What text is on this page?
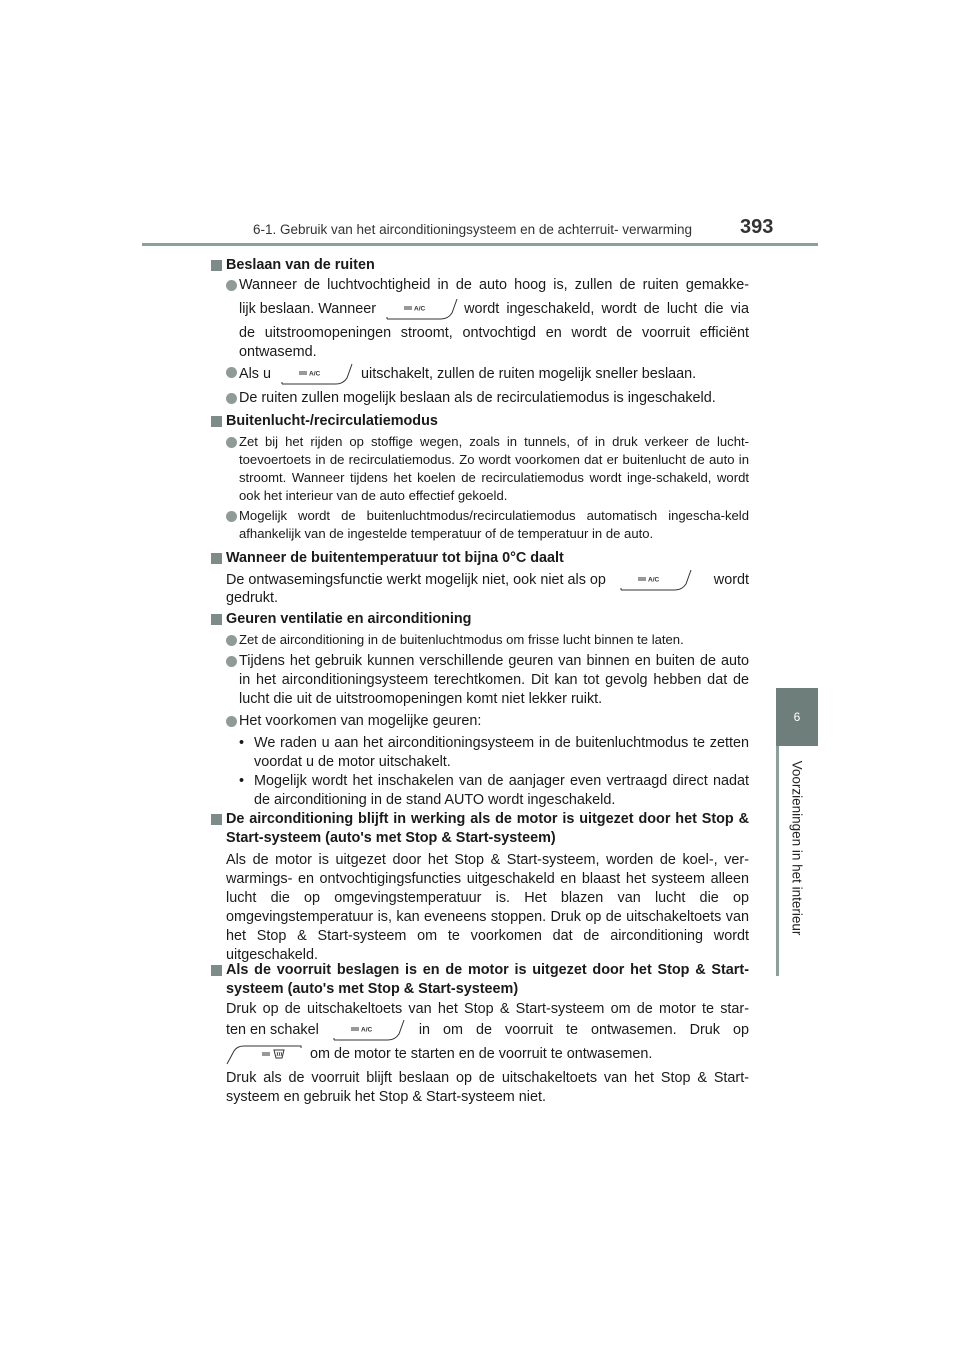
6-1. Gebruik van het airconditioningsysteem en de achterruit- verwarming 393
6
Voorzieningen in het interieur
Beslaan van de ruiten
Wanneer de luchtvochtigheid in de auto hoog is, zullen de ruiten gemakke-
lijk beslaan. Wanneer	wordt ingeschakeld, wordt de lucht die via
de uitstroomopeningen stroomt, ontvochtigd en wordt de voorruit efficiënt ontwasemd.
Als u	uitschakelt, zullen de ruiten mogelijk sneller beslaan.
De ruiten zullen mogelijk beslaan als de recirculatiemodus is ingeschakeld.
Buitenlucht-/recirculatiemodus
Zet bij het rijden op stoffige wegen, zoals in tunnels, of in druk verkeer de lucht-toevoertoets in de recirculatiemodus. Zo wordt voorkomen dat er buitenlucht de auto in stroomt. Wanneer tijdens het koelen de recirculatiemodus wordt inge-schakeld, wordt ook het interieur van de auto effectief gekoeld.
Mogelijk wordt de buitenluchtmodus/recirculatiemodus automatisch ingescha-keld afhankelijk van de ingestelde temperatuur of de temperatuur in de auto.
Wanneer de buitentemperatuur tot bijna 0°C daalt
De ontwasemingsfunctie werkt mogelijk niet, ook niet als op	wordt
gedrukt.
Geuren ventilatie en airconditioning
Zet de airconditioning in de buitenluchtmodus om frisse lucht binnen te laten.
Tijdens het gebruik kunnen verschillende geuren van binnen en buiten de auto in het airconditioningsysteem terechtkomen. Dit kan tot gevolg hebben dat de lucht die uit de uitstroomopeningen komt niet lekker ruikt.
Het voorkomen van mogelijke geuren:
• We raden u aan het airconditioningsysteem in de buitenluchtmodus te zetten voordat u de motor uitschakelt.
• Mogelijk wordt het inschakelen van de aanjager even vertraagd direct nadat de airconditioning in de stand AUTO wordt ingeschakeld.
De airconditioning blijft in werking als de motor is uitgezet door het Stop & Start-systeem (auto's met Stop & Start-systeem)
Als de motor is uitgezet door het Stop & Start-systeem, worden de koel-, ver-warmings- en ontvochtigingsfuncties uitgeschakeld en blaast het systeem alleen lucht die op omgevingstemperatuur is. Het blazen van lucht die op omgevingstemperatuur is, kan eveneens stoppen. Druk op de uitschakeltoets van het Stop & Start-systeem om te voorkomen dat de airconditioning wordt uitgeschakeld.
Als de voorruit beslagen is en de motor is uitgezet door het Stop & Start-systeem (auto's met Stop & Start-systeem)
Druk op de uitschakeltoets van het Stop & Start-systeem om de motor te star-
ten en schakel	in om de voorruit te ontwasemen. Druk op
om de motor te starten en de voorruit te ontwasemen.
Druk als de voorruit blijft beslaan op de uitschakeltoets van het Stop & Start-systeem en gebruik het Stop & Start-systeem niet.
